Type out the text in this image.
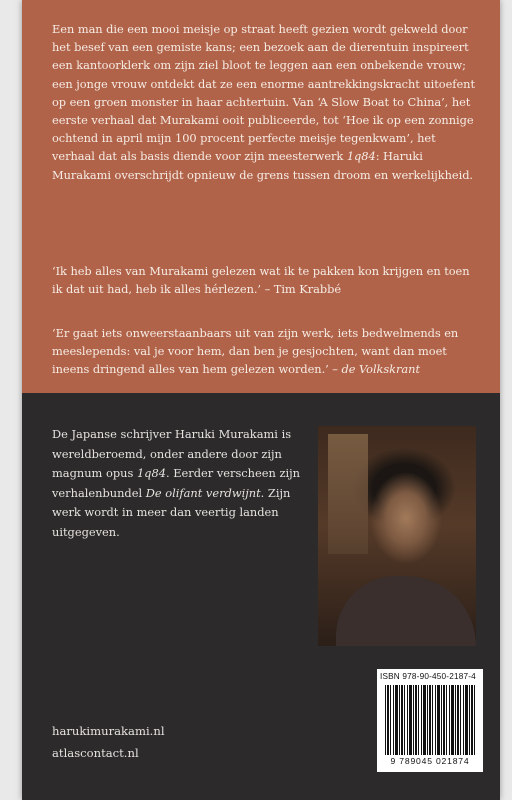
Een man die een mooi meisje op straat heeft gezien wordt gekweld door het besef van een gemiste kans; een bezoek aan de dierentuin inspireert een kantoorklerk om zijn ziel bloot te leggen aan een onbekende vrouw; een jonge vrouw ontdekt dat ze een enorme aantrekkingskracht uitoefent op een groen monster in haar achtertuin. Van ‘A Slow Boat to China’, het eerste verhaal dat Murakami ooit publiceerde, tot ‘Hoe ik op een zonnige ochtend in april mijn 100 procent perfecte meisje tegenkwam’, het verhaal dat als basis diende voor zijn meesterwerk 1q84: Haruki Murakami overschrijdt opnieuw de grens tussen droom en werkelijkheid.

‘Ik heb alles van Murakami gelezen wat ik te pakken kon krijgen en toen ik dat uit had, heb ik alles hérlezen.’ – Tim Krabbé

‘Er gaat iets onweerstaanbaars uit van zijn werk, iets bedwelmends en meeslepends: val je voor hem, dan ben je gesjochten, want dan moet ineens dringend alles van hem gelezen worden.’ – de Volkskrant

De Japanse schrijver Haruki Murakami is wereldberoemd, onder andere door zijn magnum opus 1q84. Eerder verscheen zijn verhalenbundel De olifant verdwijnt. Zijn werk wordt in meer dan veertig landen uitgegeven.

ISBN 978-90-450-2187-4
9 789045 021874
harukimurakami.nl
atlascontact.nl
